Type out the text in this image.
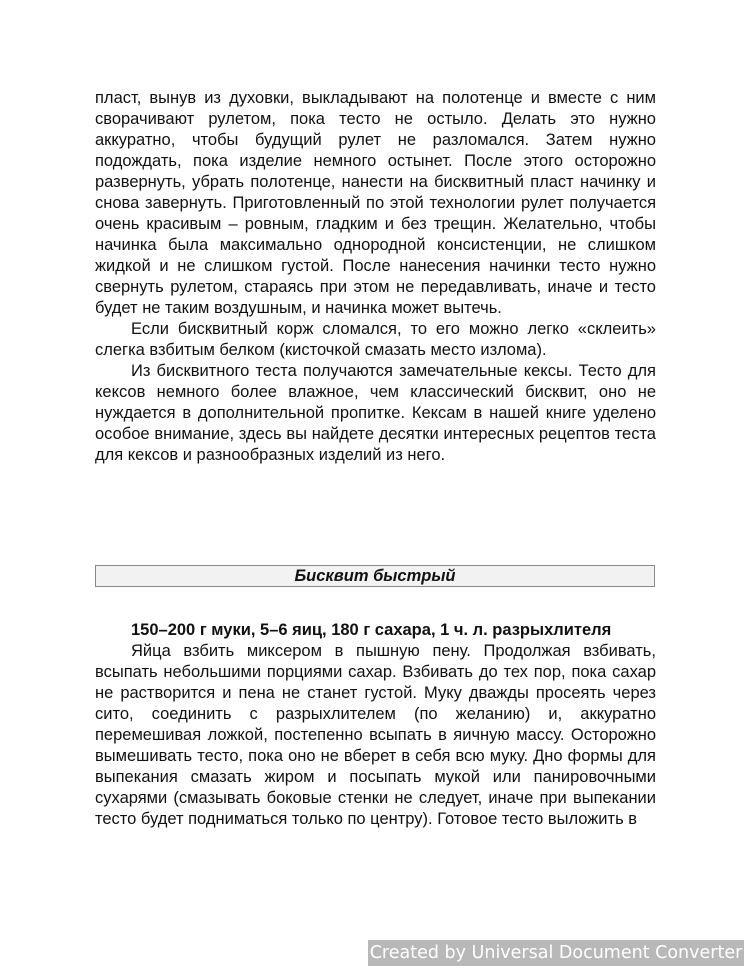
пласт, вынув из духовки, выкладывают на полотенце и вместе с ним сворачивают рулетом, пока тесто не остыло. Делать это нужно аккуратно, чтобы будущий рулет не разломался. Затем нужно подождать, пока изделие немного остынет. После этого осторожно развернуть, убрать полотенце, нанести на бисквитный пласт начинку и снова завернуть. Приготовленный по этой технологии рулет получается очень красивым – ровным, гладким и без трещин. Желательно, чтобы начинка была максимально однородной консистенции, не слишком жидкой и не слишком густой. После нанесения начинки тесто нужно свернуть рулетом, стараясь при этом не передавливать, иначе и тесто будет не таким воздушным, и начинка может вытечь.

Если бисквитный корж сломался, то его можно легко «склеить» слегка взбитым белком (кисточкой смазать место излома).

Из бисквитного теста получаются замечательные кексы. Тесто для кексов немного более влажное, чем классический бисквит, оно не нуждается в дополнительной пропитке. Кексам в нашей книге уделено особое внимание, здесь вы найдете десятки интересных рецептов теста для кексов и разнообразных изделий из него.

Бисквит быстрый

150–200 г муки, 5–6 яиц, 180 г сахара, 1 ч. л. разрыхлителя

Яйца взбить миксером в пышную пену. Продолжая взбивать, всыпать небольшими порциями сахар. Взбивать до тех пор, пока сахар не растворится и пена не станет густой. Муку дважды просеять через сито, соединить с разрыхлителем (по желанию) и, аккуратно перемешивая ложкой, постепенно всыпать в яичную массу. Осторожно вымешивать тесто, пока оно не вберет в себя всю муку. Дно формы для выпекания смазать жиром и посыпать мукой или панировочными сухарями (смазывать боковые стенки не следует, иначе при выпекании тесто будет подниматься только по центру). Готовое тесто выложить в

Created by Universal Document Converter
